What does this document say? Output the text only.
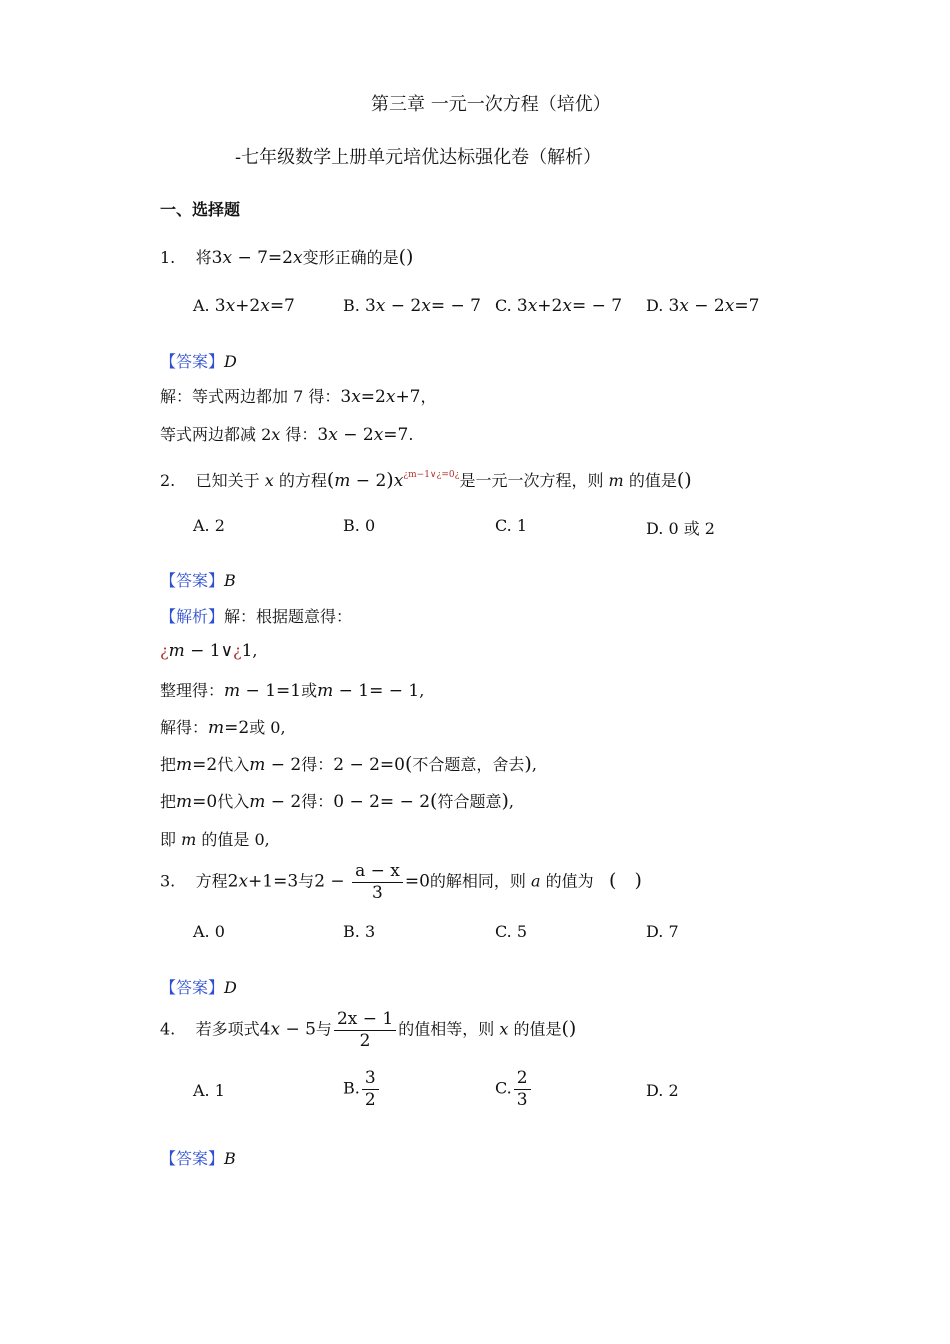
第三章 一元一次方程（培优）
-七年级数学上册单元培优达标强化卷（解析）
一、选择题
1. 将3x − 7=2x变形正确的是()
A. 3x+2x=7	B. 3x − 2x= − 7 C. 3x+2x= − 7 D. 3x − 2x=7
【答案】D
解：等式两边都加 7 得：3x=2x+7，
等式两边都减 2x 得：3x − 2x=7.
2. 已知关于 x 的方程$(m - 2)x^{¿m-1\vee¿=0¿}$是一元一次方程，则 m 的值是()
A. 2	B. 0	C. 1	D. 0 或 2
【答案】B
【解析】解：根据题意得：
¿m − 1∨¿1,
整理得：m − 1=1或m − 1= − 1,
解得：m=2或 0,
把m=2代入m − 2得：2 − 2=0(不合题意，舍去),
把m=0代入m − 2得：0 − 2= − 2(符合题意),
即 m 的值是 0,
3. 方程2x+1=3与$2 - \frac{a - x}{3} =0$的解相同，则 a 的值为 (   )
A. 0	B. 3	C. 5	D. 7
【答案】D
4. 若多项式4x − 5与 $\frac{2x - 1}{2}$ 的值相等，则 x 的值是()
A. 1	B. $\frac{3}{2}$	C. $\frac{2}{3}$	D. 2
【答案】B
